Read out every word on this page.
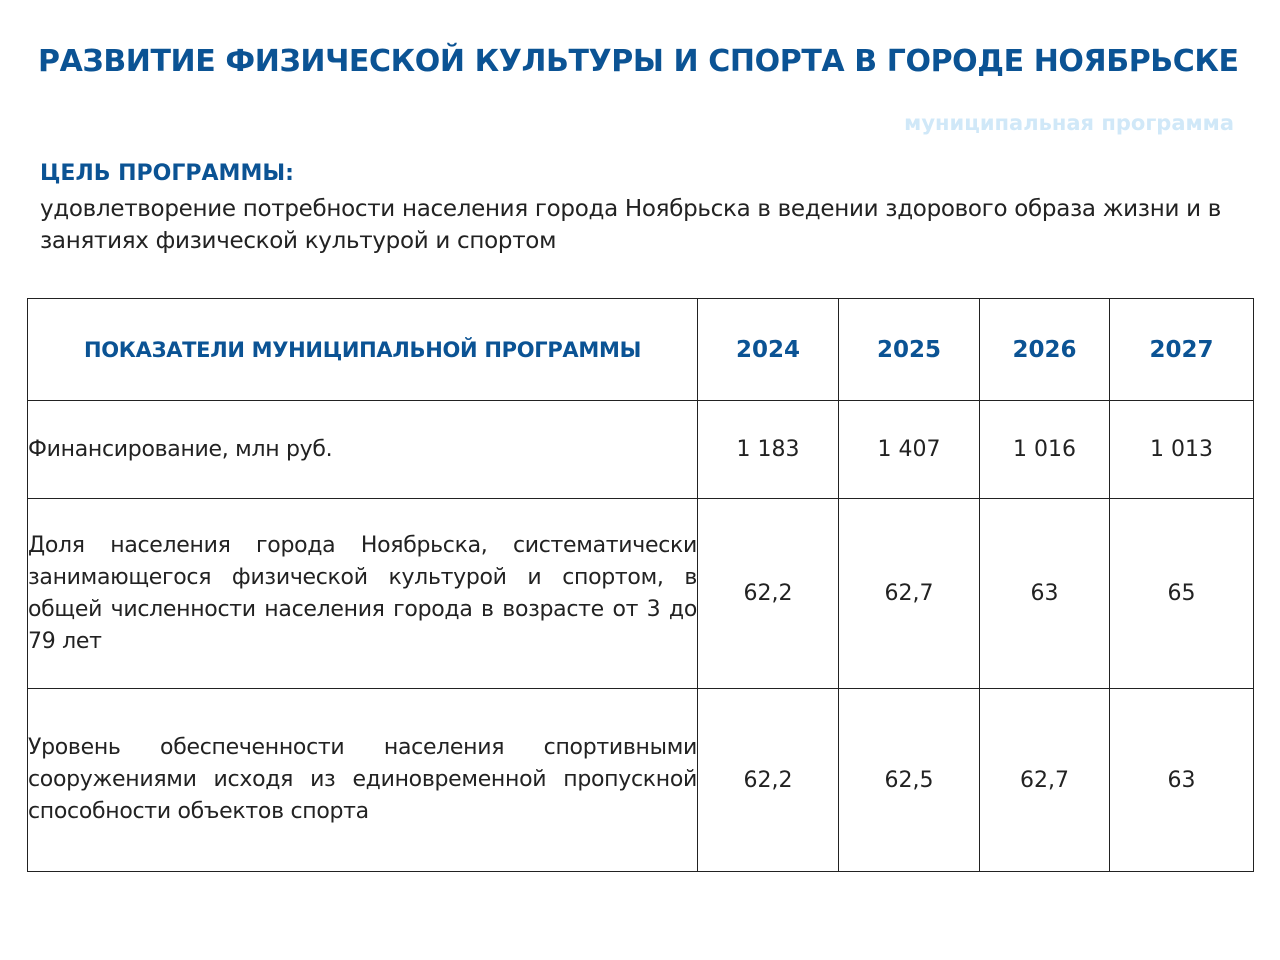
РАЗВИТИЕ ФИЗИЧЕСКОЙ КУЛЬТУРЫ И СПОРТА В ГОРОДЕ НОЯБРЬСКЕ
муниципальная программа
ЦЕЛЬ ПРОГРАММЫ:
удовлетворение потребности населения города Ноябрьска в ведении здорового образа жизни и в занятиях физической культурой и спортом
ПОКАЗАТЕЛИ МУНИЦИПАЛЬНОЙ ПРОГРАММЫ	2024	2025	2026	2027
Финансирование, млн руб.	1 183	1 407	1 016	1 013
Доля населения города Ноябрьска, систематически занимающегося физической культурой и спортом, в общей численности населения города в возрасте от 3 до 79 лет	62,2	62,7	63	65
Уровень обеспеченности населения спортивными сооружениями исходя из единовременной пропускной способности объектов спорта	62,2	62,5	62,7	63
